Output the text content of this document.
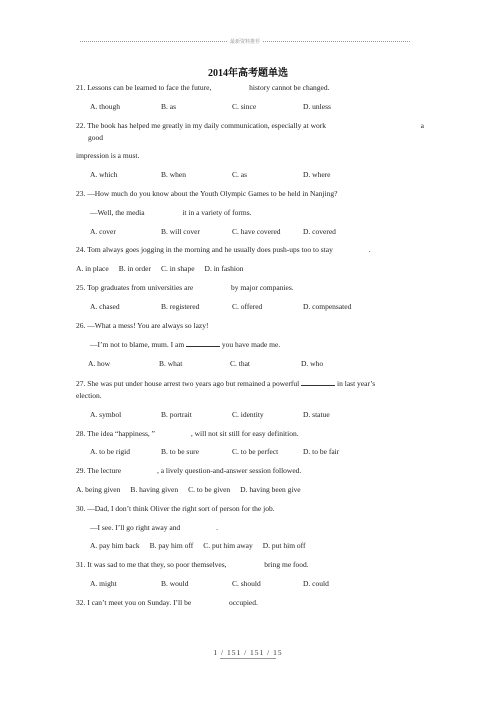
最新资料推荐
2014年高考题单选
21. Lessons can be learned to face the future,	history cannot be changed.
A. though	B. as	C. since	D. unless
22. The book has helped me greatly in my daily communication, especially at work	a
good
impression is a must.
A. which	B. when	C. as	D. where
23. —How much do you know about the Youth Olympic Games to be held in Nanjing?
—Well, the media	it in a variety of forms.
A. cover	B. will cover	C. have covered	D. covered
24. Tom always goes jogging in the morning and he usually does push-ups too to stay	.
A. in place B. in order C. in shape D. in fashion
25. Top graduates from universities are	by major companies.
A. chased	B. registered	C. offered	D. compensated
26. —What a mess! You are always so lazy!
—I’m not to blame, mum. I am	you have made me.
A. how	B. what	C. that	D. who
27. She was put under house arrest two years ago but remained a powerful	in last year’s
election.
A. symbol	B. portrait	C. identity	D. statue
28. The idea “happiness, ”	, will not sit still for easy definition.
A. to be rigid	B. to be sure	C. to be perfect	D. to be fair
29. The lecture	, a lively question-and-answer session followed.
A. being given B. having given C. to be given D. having been give
30. —Dad, I don’t think Oliver the right sort of person for the job.
—I see. I’ll go right away and	.
A. pay him back B. pay him off C. put him away D. put him off
31. It was sad to me that they, so poor themselves,	bring me food.
A. might	B. would	C. should	D. could
32. I can’t meet you on Sunday. I’ll be	occupied.
1 / 151 / 151 / 15
